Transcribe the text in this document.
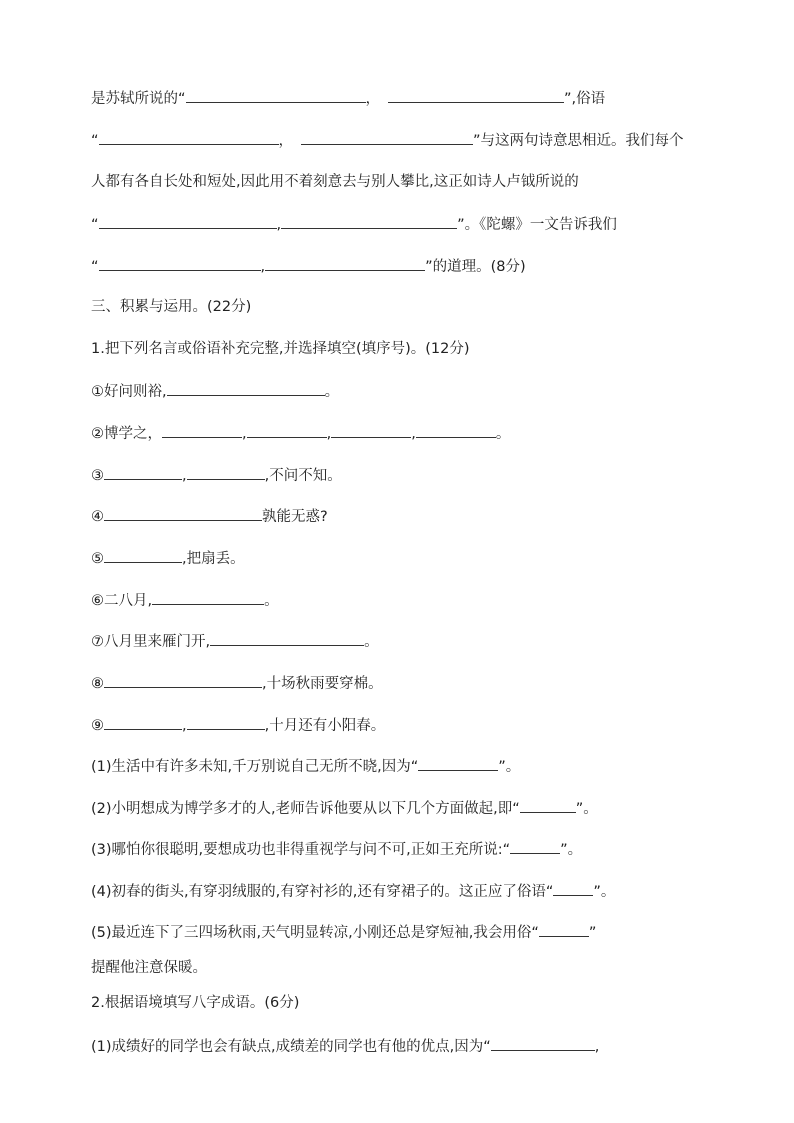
是苏轼所说的“	，	”,俗语
“	，	”与这两句诗意思相近。我们每个
人都有各自长处和短处,因此用不着刻意去与别人攀比,这正如诗人卢钺所说的
“	,	”。《陀螺》一文告诉我们
“	,	”的道理。(8分)
三、积累与运用。(22分)
1.把下列名言或俗语补充完整,并选择填空(填序号)。(12分)
①好问则裕,	。
②博学之，	,	,	,	。
③	,	,不问不知。
④	孰能无惑?
⑤	,把扇丢。
⑥二八月,	。
⑦八月里来雁门开,	。
⑧	,十场秋雨要穿棉。
⑨	,	,十月还有小阳春。
(1)生活中有许多未知,千万别说自己无所不晓,因为“	”。
(2)小明想成为博学多才的人,老师告诉他要从以下几个方面做起,即“	”。
(3)哪怕你很聪明,要想成功也非得重视学与问不可,正如王充所说:“	”。
(4)初春的街头,有穿羽绒服的,有穿衬衫的,还有穿裙子的。这正应了俗语“	”。
(5)最近连下了三四场秋雨,天气明显转凉,小刚还总是穿短袖,我会用俗“	”
提醒他注意保暖。
2.根据语境填写八字成语。(6分)
(1)成绩好的同学也会有缺点,成绩差的同学也有他的优点,因为“	,
